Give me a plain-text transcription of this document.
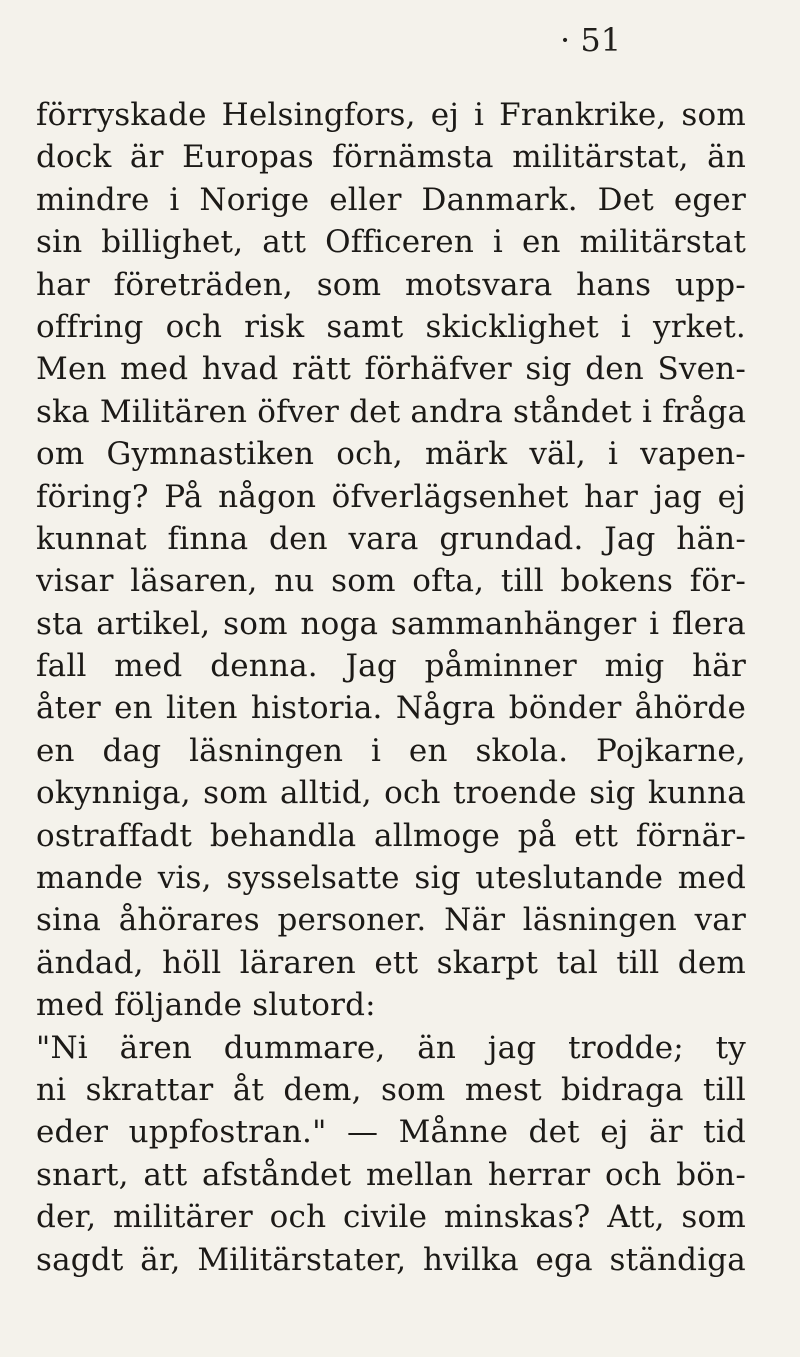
· 51
förryskade Helsingfors, ej i Frankrike, som
dock är Europas förnämsta militärstat, än
mindre i Norige eller Danmark. Det eger
sin billighet, att Officeren i en militärstat
har företräden, som motsvara hans upp-
offring och risk samt skicklighet i yrket.
Men med hvad rätt förhäfver sig den Sven-
ska Militären öfver det andra ståndet i fråga
om Gymnastiken och, märk väl, i vapen-
föring? På någon öfverlägsenhet har jag ej
kunnat finna den vara grundad. Jag hän-
visar läsaren, nu som ofta, till bokens för-
sta artikel, som noga sammanhänger i flera
fall med denna. Jag påminner mig här
åter en liten historia. Några bönder åhörde
en dag läsningen i en skola. Pojkarne,
okynniga, som alltid, och troende sig kunna
ostraffadt behandla allmoge på ett förnär-
mande vis, sysselsatte sig uteslutande med
sina åhörares personer. När läsningen var
ändad, höll läraren ett skarpt tal till dem
med följande slutord:
"Ni ären dummare, än jag trodde; ty
ni skrattar åt dem, som mest bidraga till
eder uppfostran." — Månne det ej är tid
snart, att afståndet mellan herrar och bön-
der, militärer och civile minskas? Att, som
sagdt är, Militärstater, hvilka ega ständiga
